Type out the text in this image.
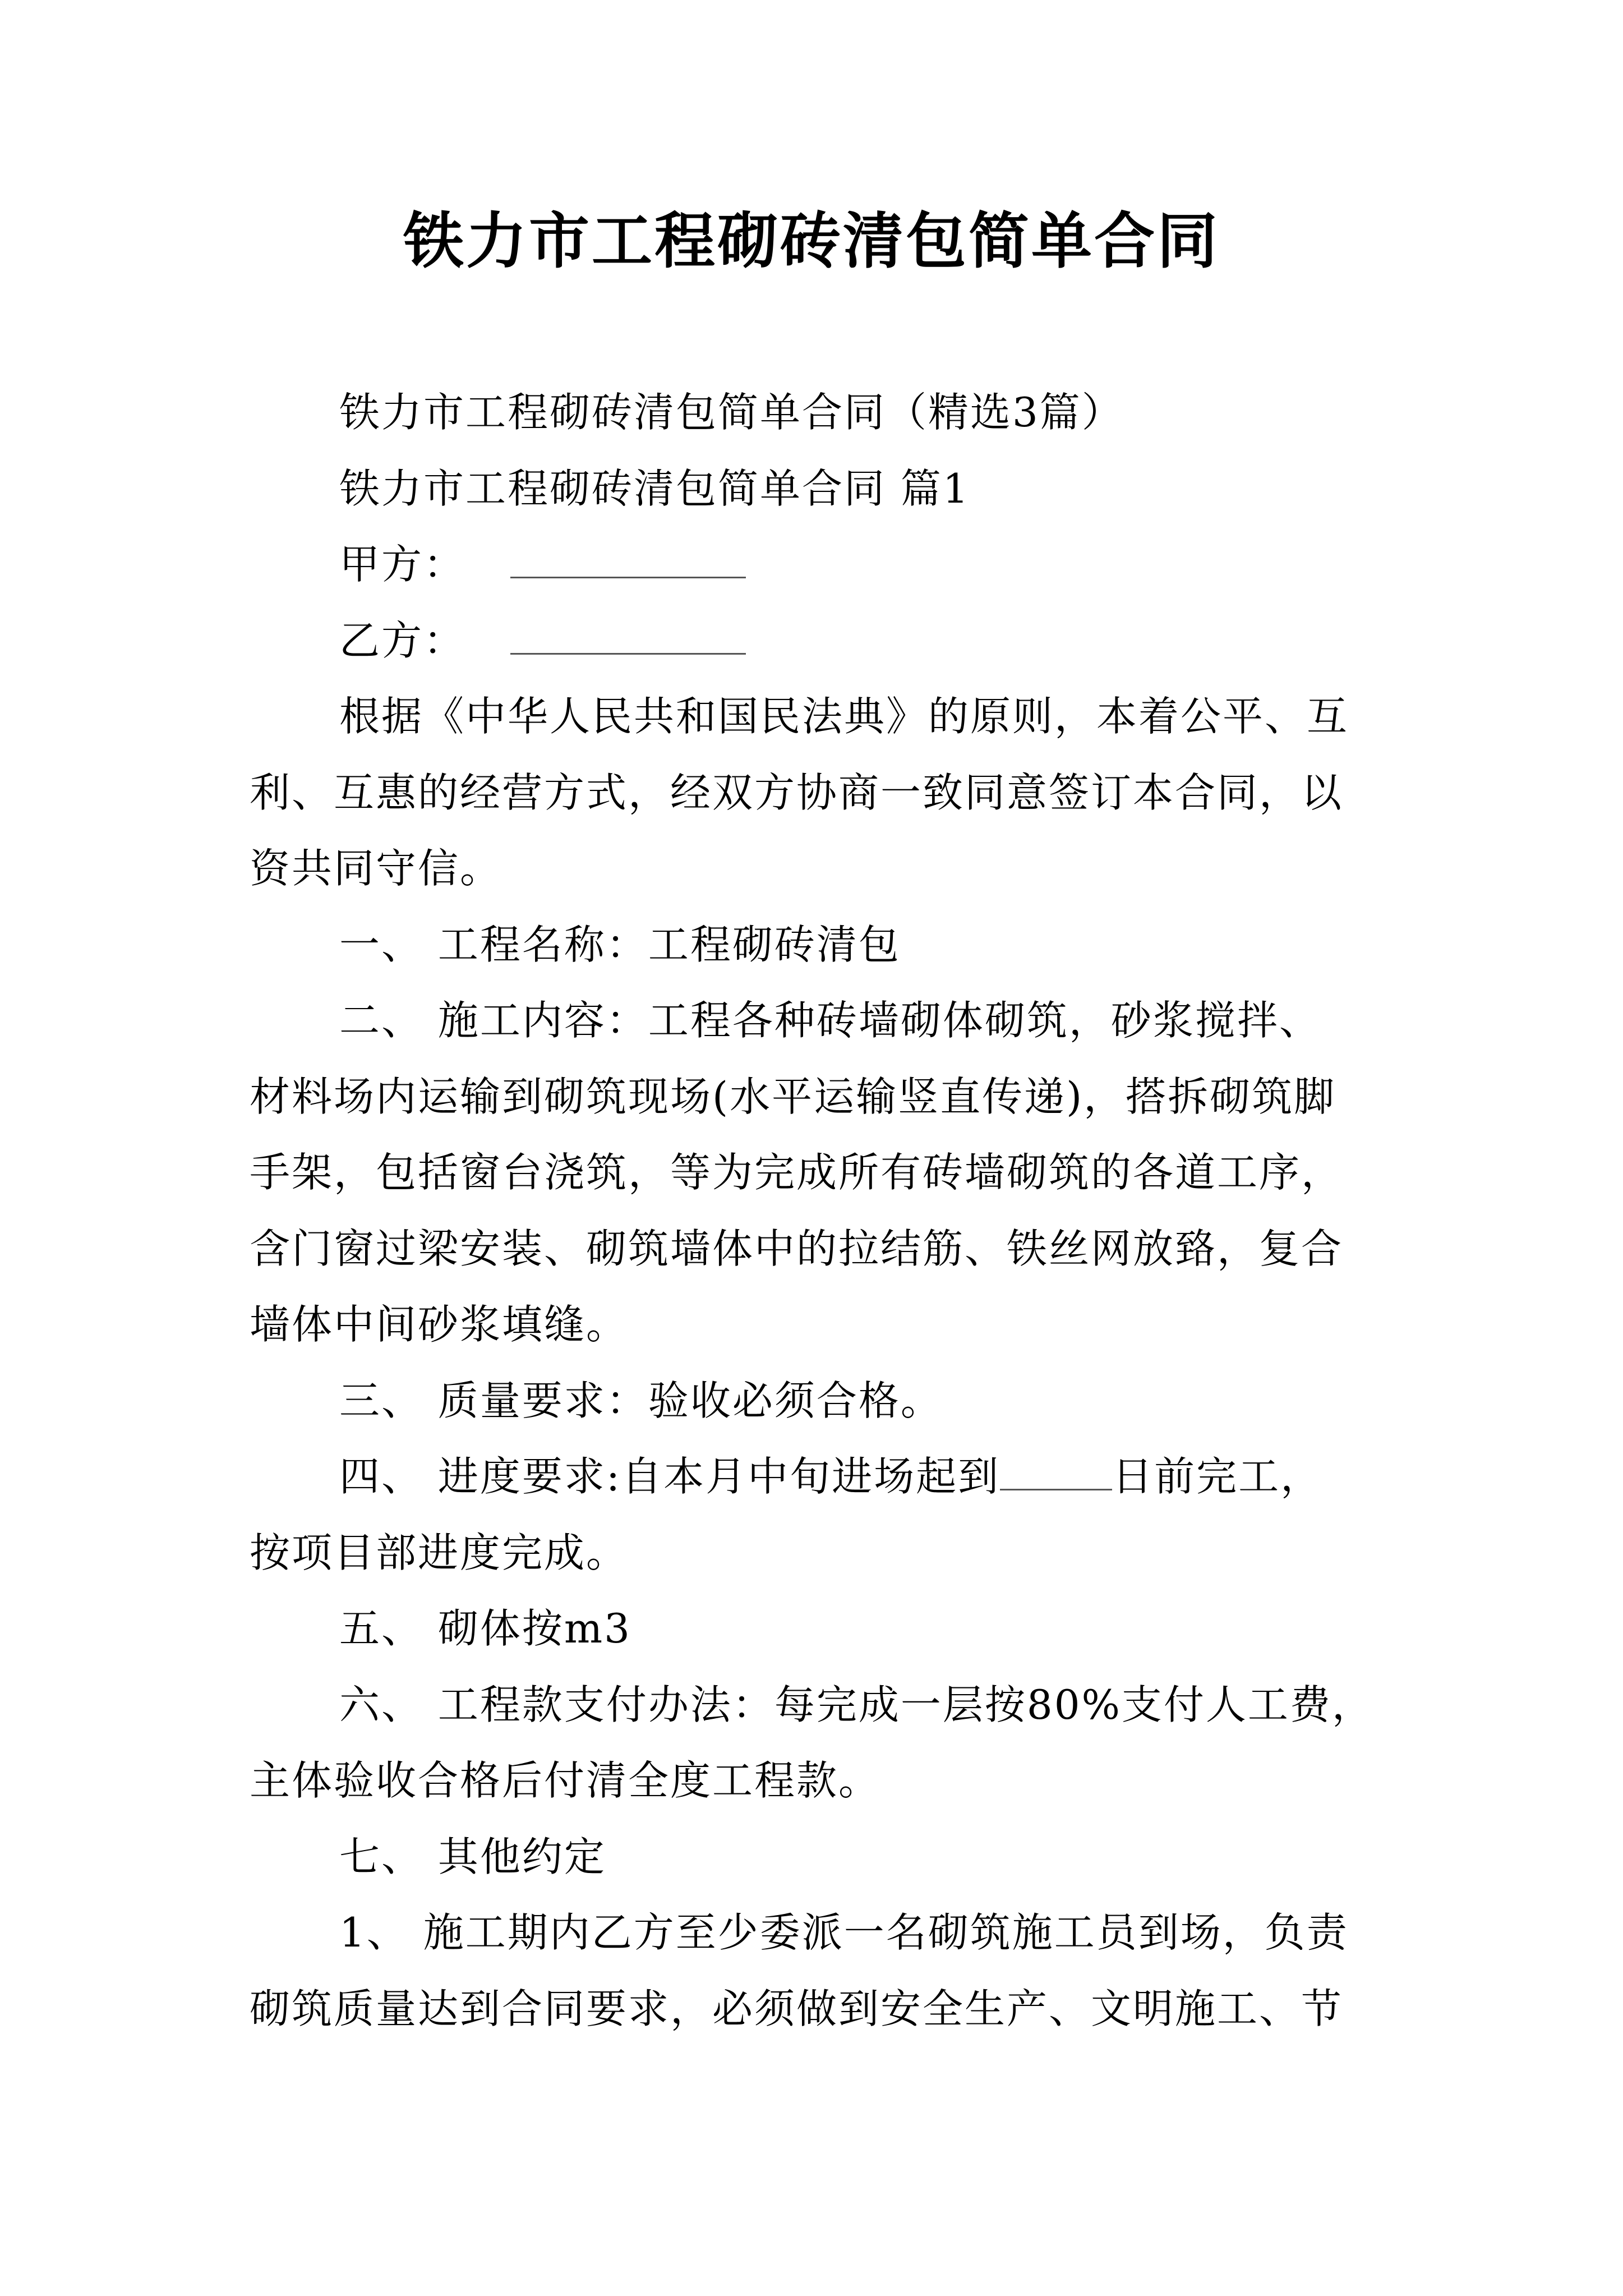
铁力市工程砌砖清包简单合同

铁力市工程砌砖清包简单合同（精选3篇）

铁力市工程砌砖清包简单合同 篇1

甲方：

乙方：

根据《中华人民共和国民法典》的原则，本着公平、互

利、互惠的经营方式，经双方协商一致同意签订本合同，以

资共同守信。

一、 工程名称：工程砌砖清包

二、 施工内容：工程各种砖墙砌体砌筑，砂浆搅拌、

材料场内运输到砌筑现场(水平运输竖直传递)，搭拆砌筑脚

手架，包括窗台浇筑，等为完成所有砖墙砌筑的各道工序，

含门窗过梁安装、砌筑墙体中的拉结筋、铁丝网放臵，复合

墙体中间砂浆填缝。

三、 质量要求：验收必须合格。

四、 进度要求:自本月中旬进场起到	日前完工，

按项目部进度完成。

五、 砌体按m3

六、 工程款支付办法：每完成一层按80%支付人工费，

主体验收合格后付清全度工程款。

七、 其他约定

1、 施工期内乙方至少委派一名砌筑施工员到场，负责

砌筑质量达到合同要求，必须做到安全生产、文明施工、节
